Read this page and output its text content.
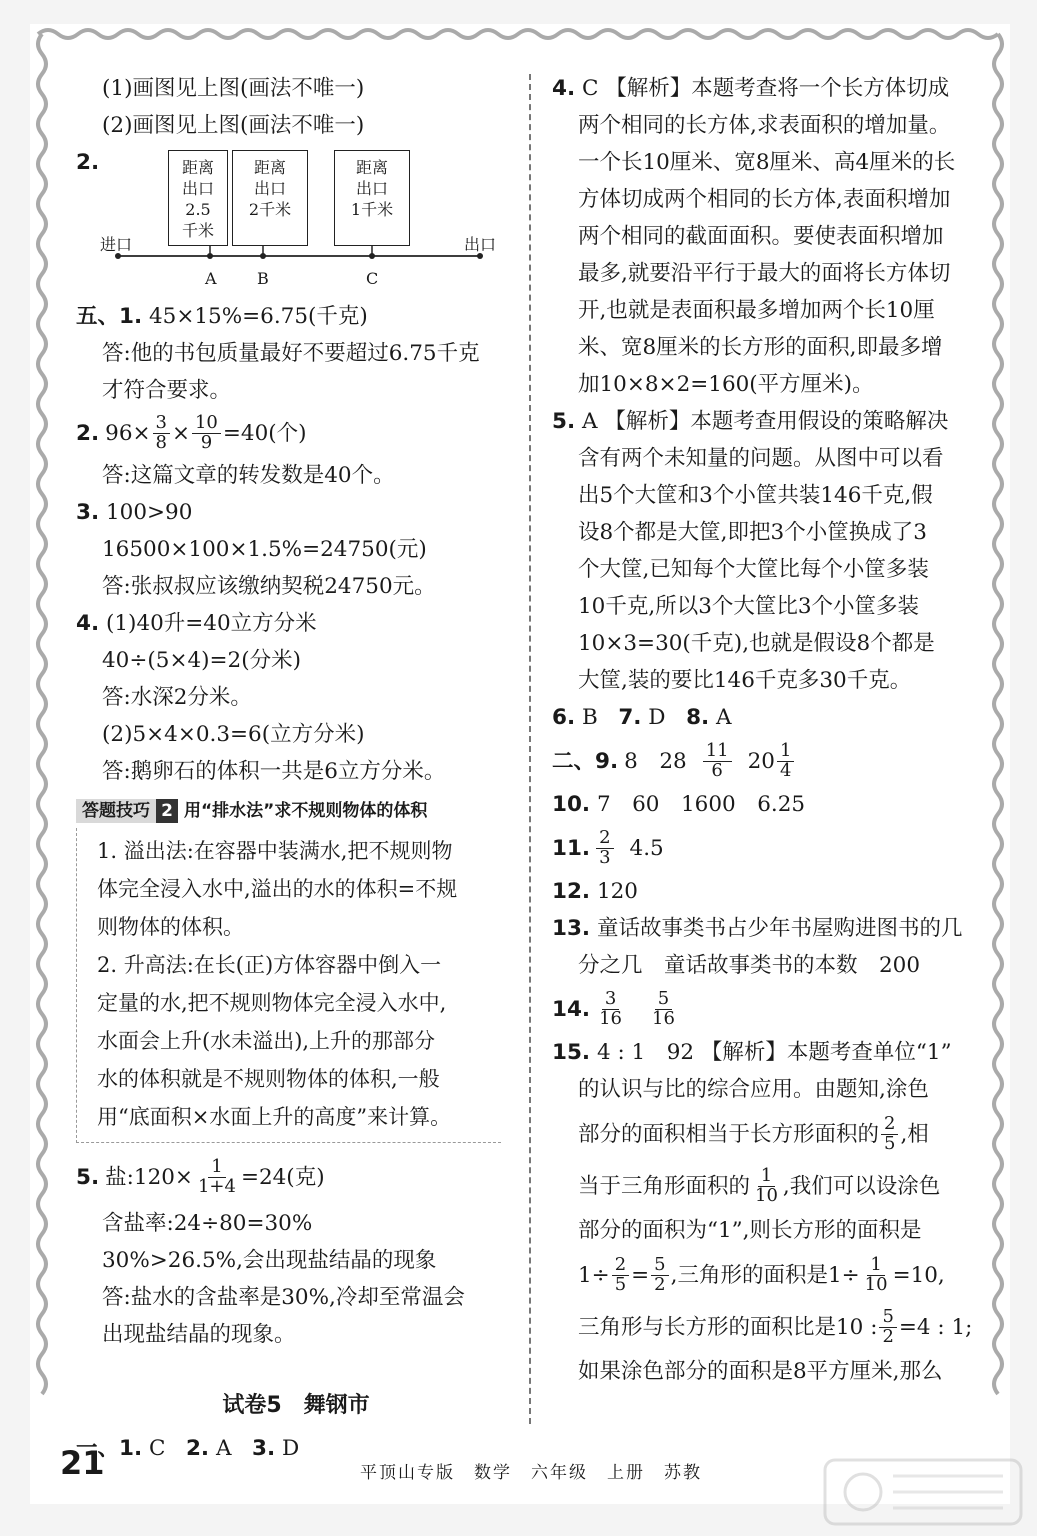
(1)画图见上图(画法不唯一)
(2)画图见上图(画法不唯一)
2.	距离
出口
2.5
千米
距离
出口
2千米
距离
出口
1千米
进口	出口
A	B	C
五、1. 45×15%=6.75(千克)
答:他的书包质量最好不要超过6.75千克
才符合要求。
2. $96\times \frac{3}{8} \times \frac{10}{9} =40$(个)
答:这篇文章的转发数是40个。
3. 100>90
16500×100×1.5%=24750(元)
答:张叔叔应该缴纳契税24750元。
4. (1)40升=40立方分米
40÷(5×4)=2(分米)
答:水深2分米。
(2)5×4×0.3=6(立方分米)
答:鹅卵石的体积一共是6立方分米。
答题技巧 2 用“排水法”求不规则物体的体积
1. 溢出法:在容器中装满水,把不规则物
体完全浸入水中,溢出的水的体积=不规
则物体的体积。
2. 升高法:在长(正)方体容器中倒入一
定量的水,把不规则物体完全浸入水中,
水面会上升(水未溢出),上升的那部分
水的体积就是不规则物体的体积,一般
用“底面积×水面上升的高度”来计算。
5. 盐:120× $\frac{1}{1+4} =24$(克)
含盐率:24÷80=30%
30%>26.5%,会出现盐结晶的现象
答:盐水的含盐率是30%,冷却至常温会
出现盐结晶的现象。
试卷5　舞钢市
一、1. C 2. A 3. D
4. C 【解析】本题考查将一个长方体切成
两个相同的长方体,求表面积的增加量。
一个长10厘米、宽8厘米、高4厘米的长
方体切成两个相同的长方体,表面积增加
两个相同的截面面积。要使表面积增加
最多,就要沿平行于最大的面将长方体切
开,也就是表面积最多增加两个长10厘
米、宽8厘米的长方形的面积,即最多增
加10×8×2=160(平方厘米)。
5. A 【解析】本题考查用假设的策略解决
含有两个未知量的问题。从图中可以看
出5个大筐和3个小筐共装146千克,假
设8个都是大筐,即把3个小筐换成了3
个大筐,已知每个大筐比每个小筐多装
10千克,所以3个大筐比3个小筐多装
10×3=30(千克),也就是假设8个都是
大筐,装的要比146千克多30千克。
6. B 7. D 8. A
二、9. 8　$28 \frac{11}{6} 20 \frac{1}{4}$
10. 7　60　1600　6.25
11. $\frac{2}{3} 4.5$
12. 120
13. 童话故事类书占少年书屋购进图书的几
分之几　童话故事类书的本数　200
14. $\frac{3}{16} \frac{5}{16}$
15. 4 : 1　92 【解析】本题考查单位“1”
的认识与比的综合应用。由题知,涂色
部分的面积相当于长方形面积的 $\frac{2}{5}$ ,相
当于三角形面积的 $\frac{1}{10}$ ,我们可以设涂色
部分的面积为“1”,则长方形的面积是
$1\div \frac{2}{5} = \frac{5}{2}$ ,三角形的面积是$1\div \frac{1}{10} =10$,
三角形与长方形的面积比是10 : $\frac{5}{2} =4$ : 1;
如果涂色部分的面积是8平方厘米,那么
21	平顶山专版　数学　六年级　上册　苏教
